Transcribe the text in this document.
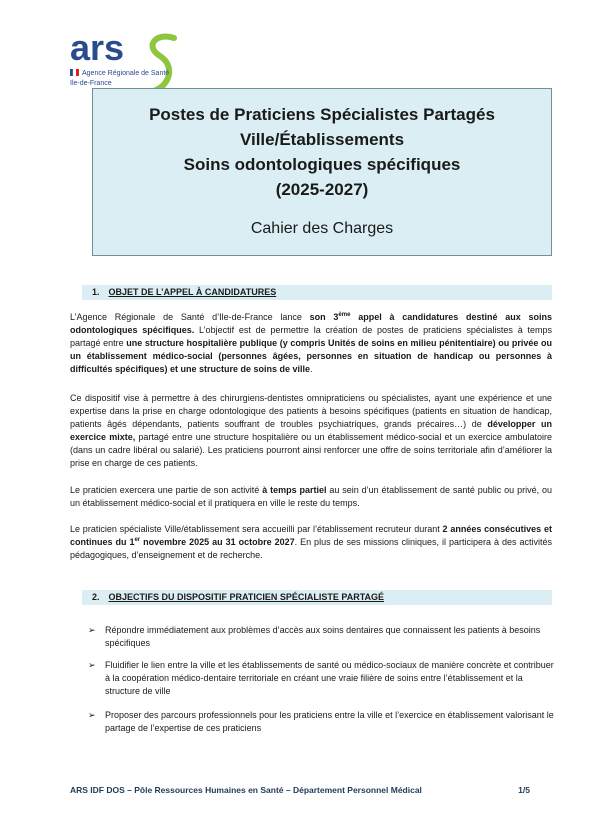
ars
Agence Régionale de Santé
Ile-de-France
Postes de Praticiens Spécialistes Partagés
Ville/Établissements
Soins odontologiques spécifiques
(2025-2027)
Cahier des Charges
1. OBJET DE L’APPEL À CANDIDATURES
L’Agence Régionale de Santé d’Ile-de-France lance son 3ème appel à candidatures destiné aux soins odontologiques spécifiques. L’objectif est de permettre la création de postes de praticiens spécialistes à temps partagé entre une structure hospitalière publique (y compris Unités de soins en milieu pénitentiaire) ou privée ou un établissement médico-social (personnes âgées, personnes en situation de handicap ou personnes à difficultés spécifiques) et une structure de soins de ville.
Ce dispositif vise à permettre à des chirurgiens-dentistes omnipraticiens ou spécialistes, ayant une expérience et une expertise dans la prise en charge odontologique des patients à besoins spécifiques (patients en situation de handicap, patients âgés dépendants, patients souffrant de troubles psychiatriques, grands précaires…) de développer un exercice mixte, partagé entre une structure hospitalière ou un établissement médico-social et un exercice ambulatoire (dans un cadre libéral ou salarié). Les praticiens pourront ainsi renforcer une offre de soins territoriale afin d’améliorer la prise en charge de ces patients.
Le praticien exercera une partie de son activité à temps partiel au sein d’un établissement de santé public ou privé, ou un établissement médico-social et il pratiquera en ville le reste du temps.
Le praticien spécialiste Ville/établissement sera accueilli par l’établissement recruteur durant 2 années consécutives et continues du 1er novembre 2025 au 31 octobre 2027. En plus de ses missions cliniques, il participera à des activités pédagogiques, d’enseignement et de recherche.
2. OBJECTIFS DU DISPOSITIF PRATICIEN SPÉCIALISTE PARTAGÉ
➢ Répondre immédiatement aux problèmes d’accès aux soins dentaires que connaissent les patients à besoins spécifiques
➢ Fluidifier le lien entre la ville et les établissements de santé ou médico-sociaux de manière concrète et contribuer à la coopération médico-dentaire territoriale en créant une vraie filière de soins entre l’établissement et la structure de ville
➢ Proposer des parcours professionnels pour les praticiens entre la ville et l’exercice en établissement valorisant le partage de l’expertise de ces praticiens
ARS IDF DOS – Pôle Ressources Humaines en Santé – Département Personnel Médical	1/5
